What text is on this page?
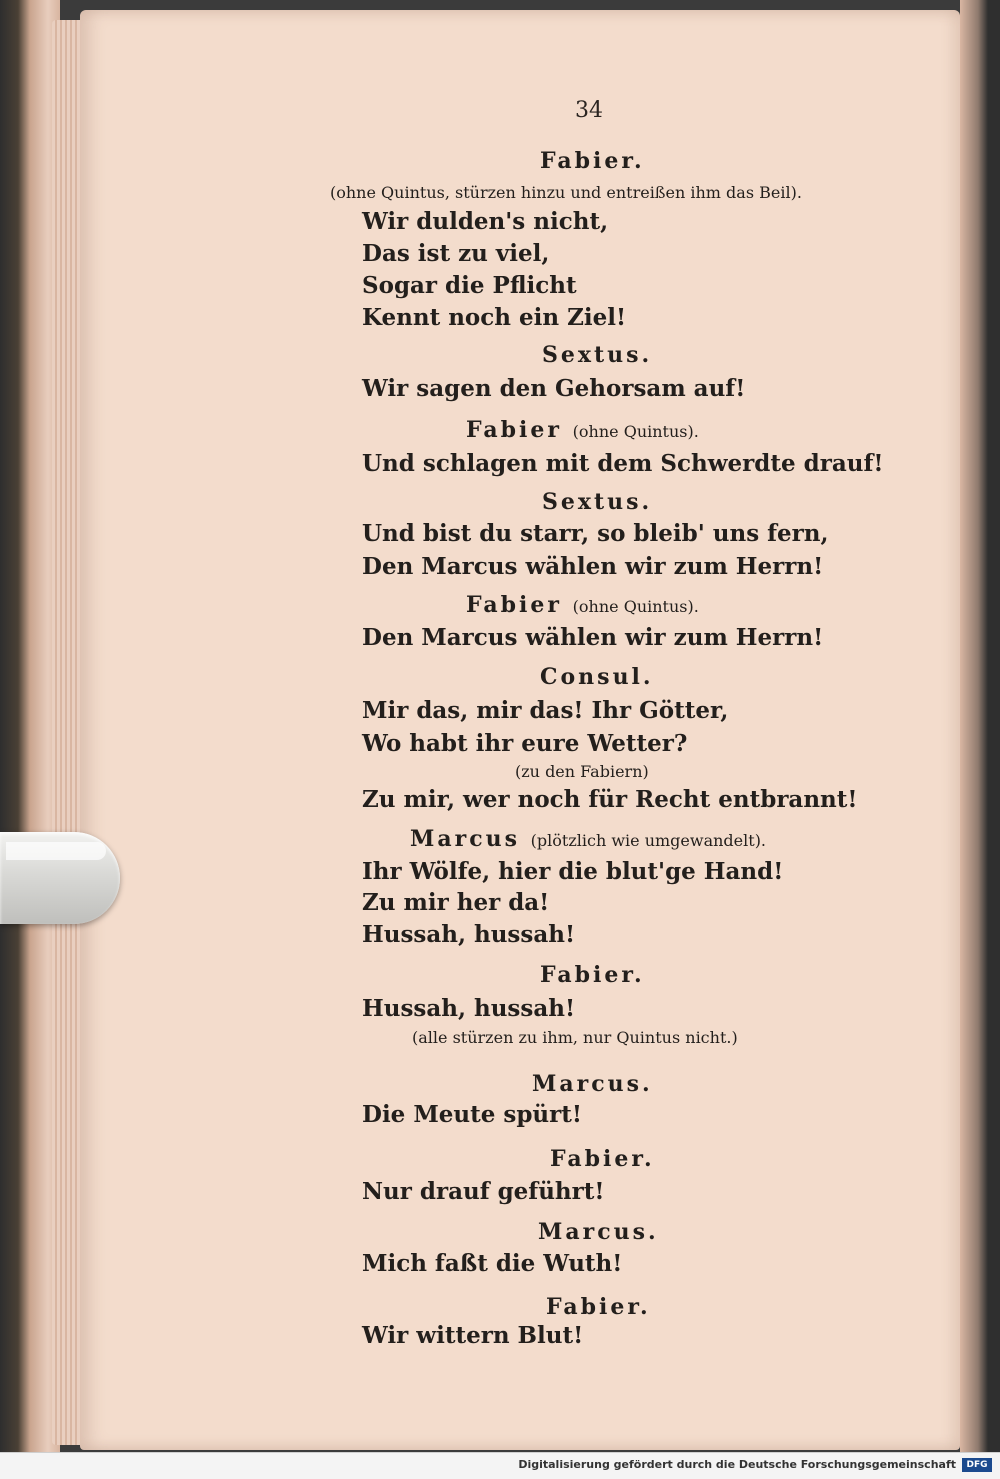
34
Fabier.
(ohne Quintus, stürzen hinzu und entreißen ihm das Beil).
Wir dulden's nicht,
Das ist zu viel,
Sogar die Pflicht
Kennt noch ein Ziel!
Sextus.
Wir sagen den Gehorsam auf!
Fabier (ohne Quintus).
Und schlagen mit dem Schwerdte drauf!
Sextus.
Und bist du starr, so bleib' uns fern,
Den Marcus wählen wir zum Herrn!
Fabier (ohne Quintus).
Den Marcus wählen wir zum Herrn!
Consul.
Mir das, mir das! Ihr Götter,
Wo habt ihr eure Wetter?
(zu den Fabiern)
Zu mir, wer noch für Recht entbrannt!
Marcus (plötzlich wie umgewandelt).
Ihr Wölfe, hier die blut'ge Hand!
Zu mir her da!
Hussah, hussah!
Fabier.
Hussah, hussah!
(alle stürzen zu ihm, nur Quintus nicht.)
Marcus.
Die Meute spürt!
Fabier.
Nur drauf geführt!
Marcus.
Mich faßt die Wuth!
Fabier.
Wir wittern Blut!
Digitalisierung gefördert durch die Deutsche Forschungsgemeinschaft	DFG
